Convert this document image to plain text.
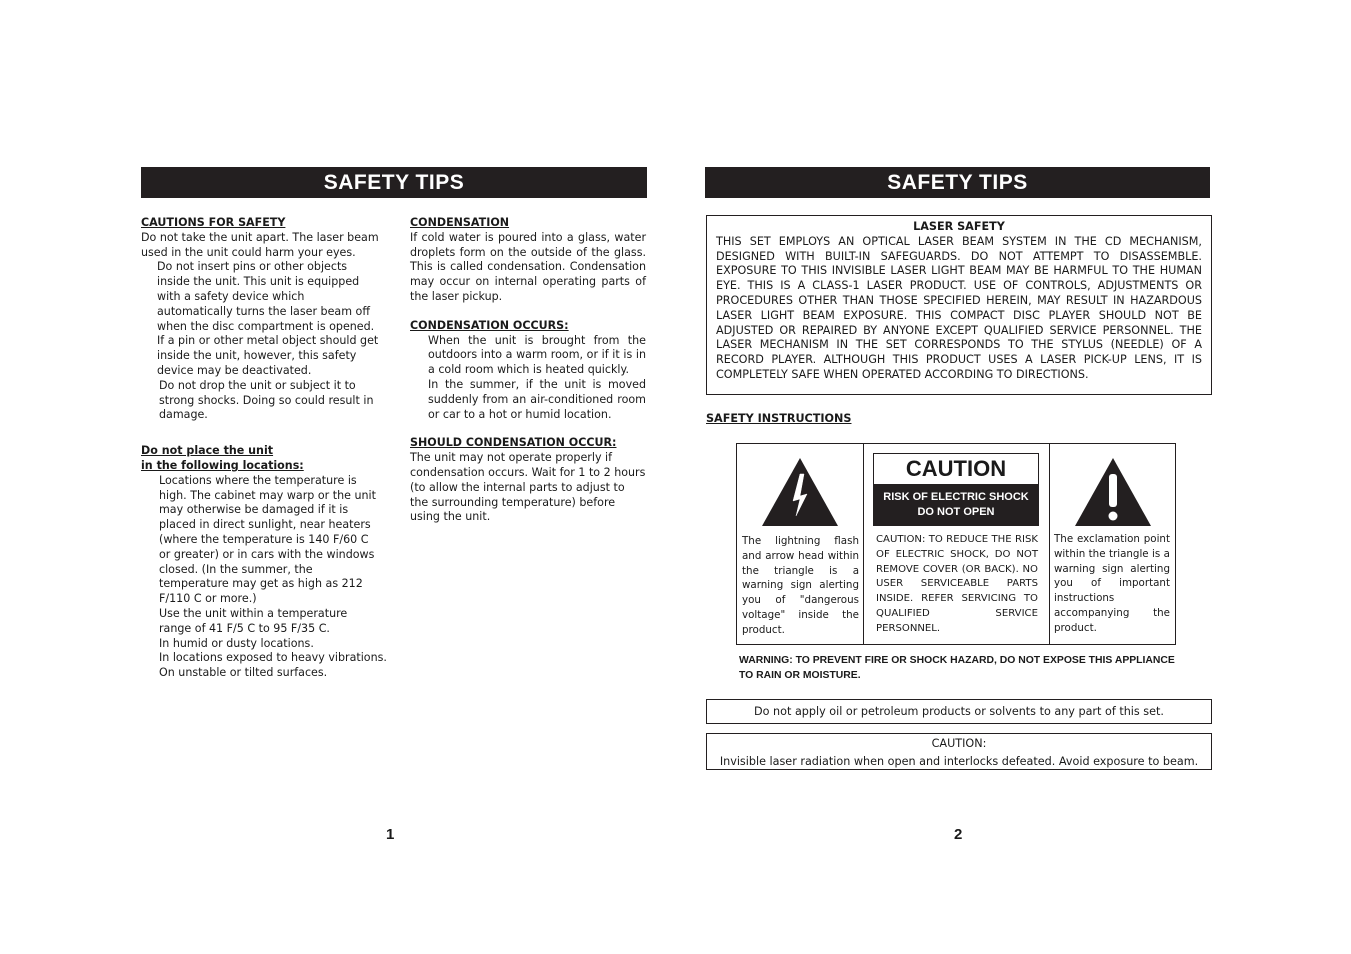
SAFETY TIPS

CAUTIONS FOR SAFETY

Do not take the unit apart. The laser beam used in the unit could harm your eyes.

Do not insert pins or other objects inside the unit. This unit is equipped with a safety device which automatically turns the laser beam off when the disc compartment is opened. If a pin or other metal object should get inside the unit, however, this safety device may be deactivated.

Do not drop the unit or subject it to strong shocks. Doing so could result in damage.

Do not place the unit

in the following locations:

Locations where the temperature is high. The cabinet may warp or the unit may otherwise be damaged if it is placed in direct sunlight, near heaters (where the temperature is 140 F/60 C or greater) or in cars with the windows closed. (In the summer, the temperature may get as high as 212 F/110 C or more.)

Use the unit within a temperature range of 41 F/5 C to 95 F/35 C.

In humid or dusty locations.

In locations exposed to heavy vibrations.

On unstable or tilted surfaces.

CONDENSATION

If cold water is poured into a glass, water droplets form on the outside of the glass. This is called condensation. Condensation may occur on internal operating parts of the laser pickup.

CONDENSATION OCCURS:

When the unit is brought from the outdoors into a warm room, or if it is in a cold room which is heated quickly.

In the summer, if the unit is moved suddenly from an air-conditioned room or car to a hot or humid location.

SHOULD CONDENSATION OCCUR:

The unit may not operate properly if condensation occurs. Wait for 1 to 2 hours (to allow the internal parts to adjust to the surrounding temperature) before using the unit.

1
SAFETY TIPS
LASER SAFETY
THIS SET EMPLOYS AN OPTICAL LASER BEAM SYSTEM IN THE CD MECHANISM, DESIGNED WITH BUILT-IN SAFEGUARDS. DO NOT ATTEMPT TO DISASSEMBLE. EXPOSURE TO THIS INVISIBLE LASER LIGHT BEAM MAY BE HARMFUL TO THE HUMAN EYE. THIS IS A CLASS-1 LASER PRODUCT. USE OF CONTROLS, ADJUSTMENTS OR PROCEDURES OTHER THAN THOSE SPECIFIED HEREIN, MAY RESULT IN HAZARDOUS LASER LIGHT BEAM EXPOSURE. THIS COMPACT DISC PLAYER SHOULD NOT BE ADJUSTED OR REPAIRED BY ANYONE EXCEPT QUALIFIED SERVICE PERSONNEL. THE LASER MECHANISM IN THE SET CORRESPONDS TO THE STYLUS (NEEDLE) OF A RECORD PLAYER. ALTHOUGH THIS PRODUCT USES A LASER PICK-UP LENS, IT IS COMPLETELY SAFE WHEN OPERATED ACCORDING TO DIRECTIONS.
SAFETY INSTRUCTIONS
The lightning flash and arrow head within the triangle is a warning sign alerting you of "dangerous voltage" inside the product.
CAUTION
RISK OF ELECTRIC SHOCK
DO NOT OPEN
CAUTION: TO REDUCE THE RISK OF ELECTRIC SHOCK, DO NOT REMOVE COVER (OR BACK). NO USER SERVICEABLE PARTS INSIDE. REFER SERVICING TO QUALIFIED SERVICE PERSONNEL.
The exclamation point within the triangle is a warning sign alerting you of important instructions accompanying the product.
WARNING: TO PREVENT FIRE OR SHOCK HAZARD, DO NOT EXPOSE THIS APPLIANCE
TO RAIN OR MOISTURE.
Do not apply oil or petroleum products or solvents to any part of this set.
CAUTION:
Invisible laser radiation when open and interlocks defeated. Avoid exposure to beam.
2
